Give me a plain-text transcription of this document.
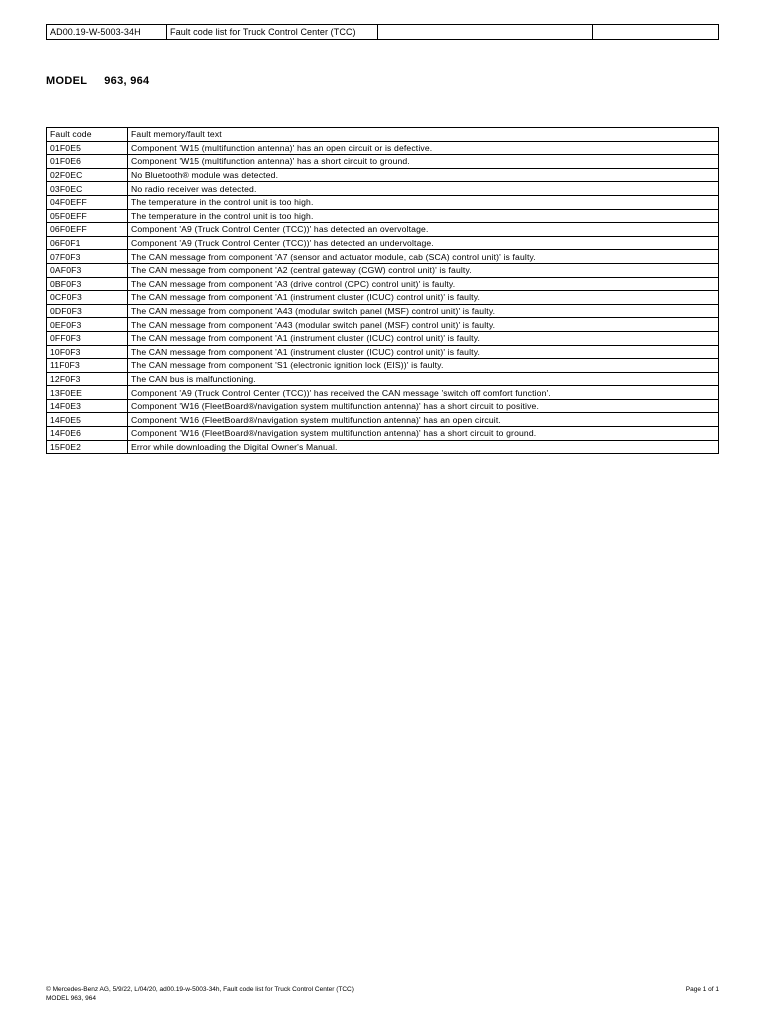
AD00.19-W-5003-34H	Fault code list for Truck Control Center (TCC)		
MODEL 963, 964
Fault code	Fault memory/fault text
01F0E5	Component 'W15 (multifunction antenna)' has an open circuit or is defective.
01F0E6	Component 'W15 (multifunction antenna)' has a short circuit to ground.
02F0EC	No Bluetooth® module was detected.
03F0EC	No radio receiver was detected.
04F0EFF	The temperature in the control unit is too high.
05F0EFF	The temperature in the control unit is too high.
06F0EFF	Component 'A9 (Truck Control Center (TCC))' has detected an overvoltage.
06F0F1	Component 'A9 (Truck Control Center (TCC))' has detected an undervoltage.
07F0F3	The CAN message from component 'A7 (sensor and actuator module, cab (SCA) control unit)' is faulty.
0AF0F3	The CAN message from component 'A2 (central gateway (CGW) control unit)' is faulty.
0BF0F3	The CAN message from component 'A3 (drive control (CPC) control unit)' is faulty.
0CF0F3	The CAN message from component 'A1 (instrument cluster (ICUC) control unit)' is faulty.
0DF0F3	The CAN message from component 'A43 (modular switch panel (MSF) control unit)' is faulty.
0EF0F3	The CAN message from component 'A43 (modular switch panel (MSF) control unit)' is faulty.
0FF0F3	The CAN message from component 'A1 (instrument cluster (ICUC) control unit)' is faulty.
10F0F3	The CAN message from component 'A1 (instrument cluster (ICUC) control unit)' is faulty.
11F0F3	The CAN message from component 'S1 (electronic ignition lock (EIS))' is faulty.
12F0F3	The CAN bus is malfunctioning.
13F0EE	Component 'A9 (Truck Control Center (TCC))' has received the CAN message 'switch off comfort function'.
14F0E3	Component 'W16 (FleetBoard®/navigation system multifunction antenna)' has a short circuit to positive.
14F0E5	Component 'W16 (FleetBoard®/navigation system multifunction antenna)' has an open circuit.
14F0E6	Component 'W16 (FleetBoard®/navigation system multifunction antenna)' has a short circuit to ground.
15F0E2	Error while downloading the Digital Owner's Manual.
© Mercedes-Benz AG, 5/9/22, L/04/20, ad00.19-w-5003-34h, Fault code list for Truck Control Center (TCC)
MODEL 963, 964
Page 1 of 1
